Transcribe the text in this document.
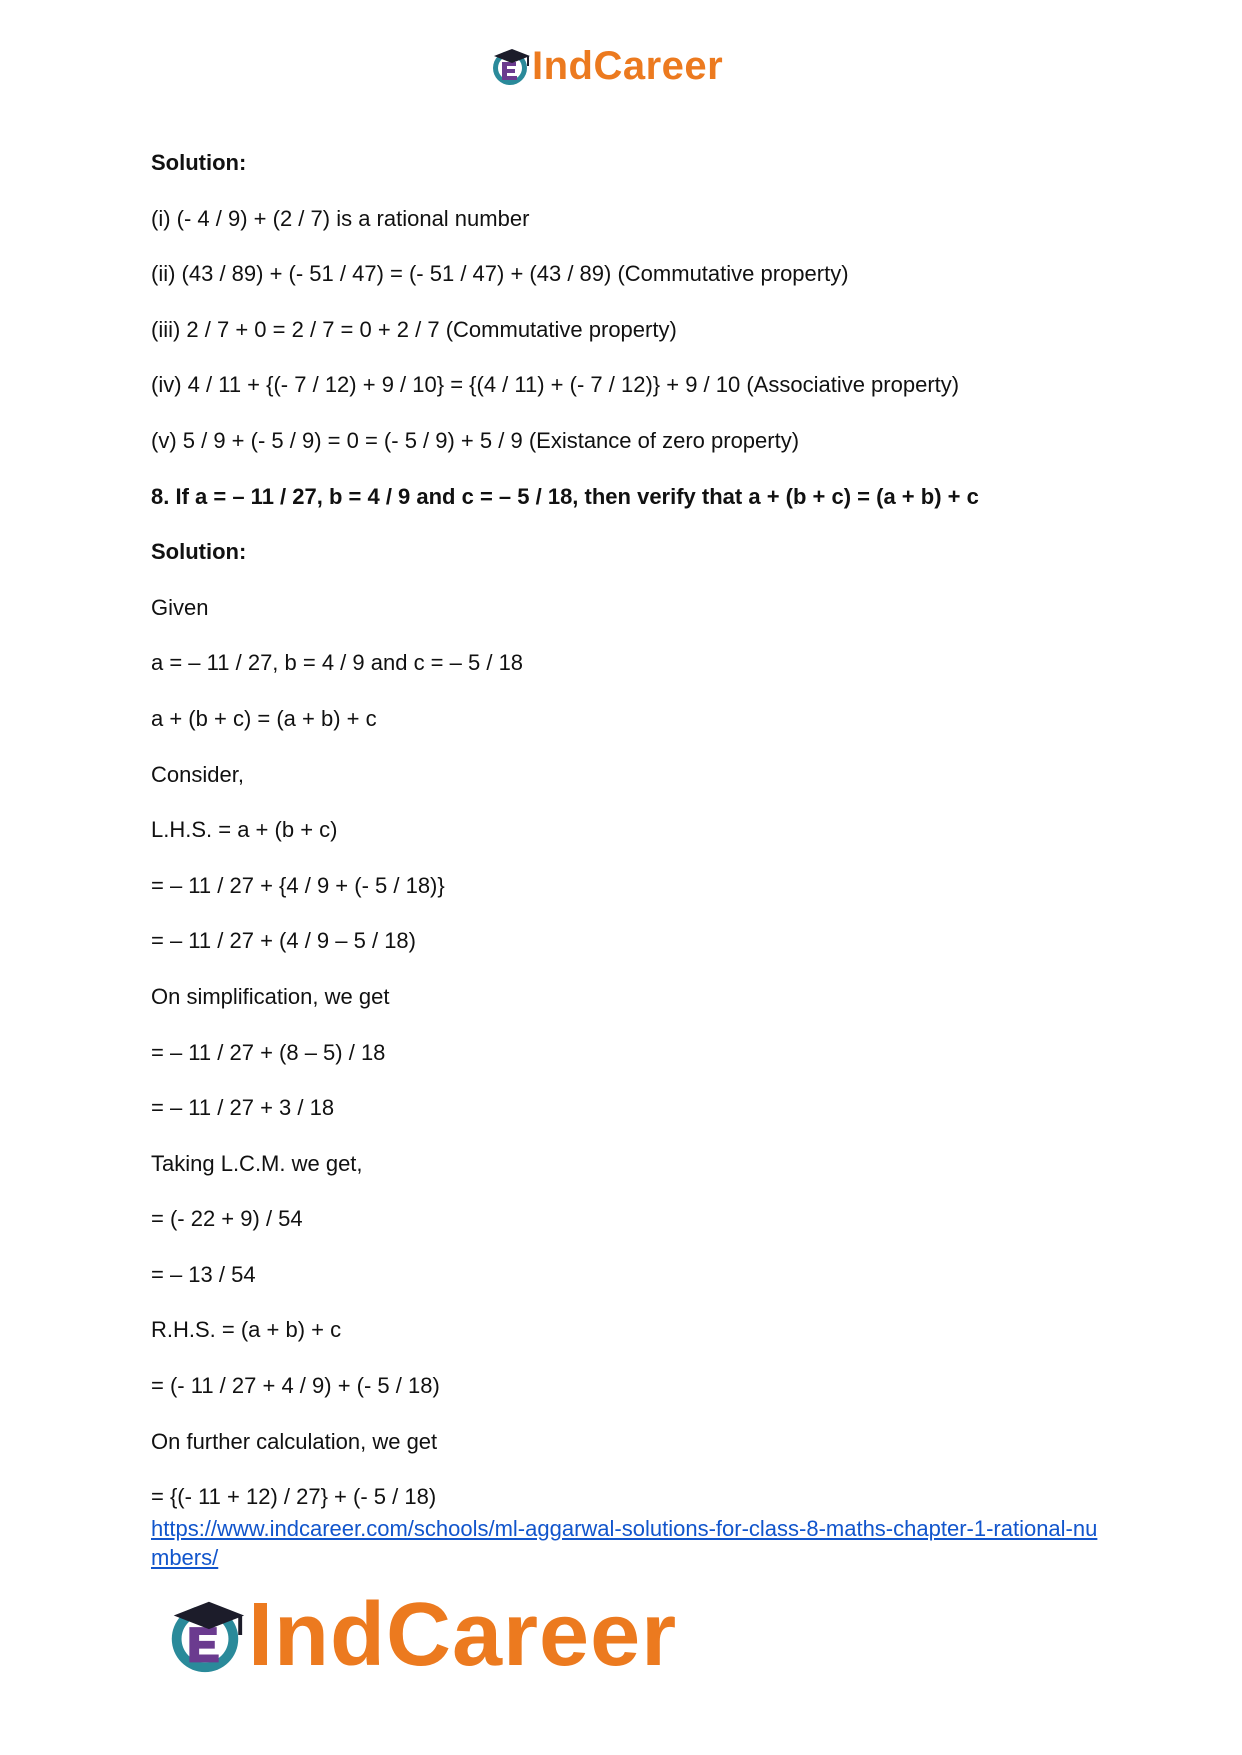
IndCareer
Solution:
(i) (- 4 / 9) + (2 / 7) is a rational number
(ii) (43 / 89) + (- 51 / 47) = (- 51 / 47) + (43 / 89) (Commutative property)
(iii) 2 / 7 + 0 = 2 / 7 = 0 + 2 / 7 (Commutative property)
(iv) 4 / 11 + {(- 7 / 12) + 9 / 10} = {(4 / 11) + (- 7 / 12)} + 9 / 10 (Associative property)
(v) 5 / 9 + (- 5 / 9) = 0 = (- 5 / 9) + 5 / 9 (Existance of zero property)
8. If a = – 11 / 27, b = 4 / 9 and c = – 5 / 18, then verify that a + (b + c) = (a + b) + c
Solution:
Given
a = – 11 / 27, b = 4 / 9 and c = – 5 / 18
a + (b + c) = (a + b) + c
Consider,
L.H.S. = a + (b + c)
= – 11 / 27 + {4 / 9 + (- 5 / 18)}
= – 11 / 27 + (4 / 9 – 5 / 18)
On simplification, we get
= – 11 / 27 + (8 – 5) / 18
= – 11 / 27 + 3 / 18
Taking L.C.M. we get,
= (- 22 + 9) / 54
= – 13 / 54
R.H.S. = (a + b) + c
= (- 11 / 27 + 4 / 9) + (- 5 / 18)
On further calculation, we get
= {(- 11 + 12) / 27} + (- 5 / 18)
https://www.indcareer.com/schools/ml-aggarwal-solutions-for-class-8-maths-chapter-1-rational-numbers/
IndCareer
